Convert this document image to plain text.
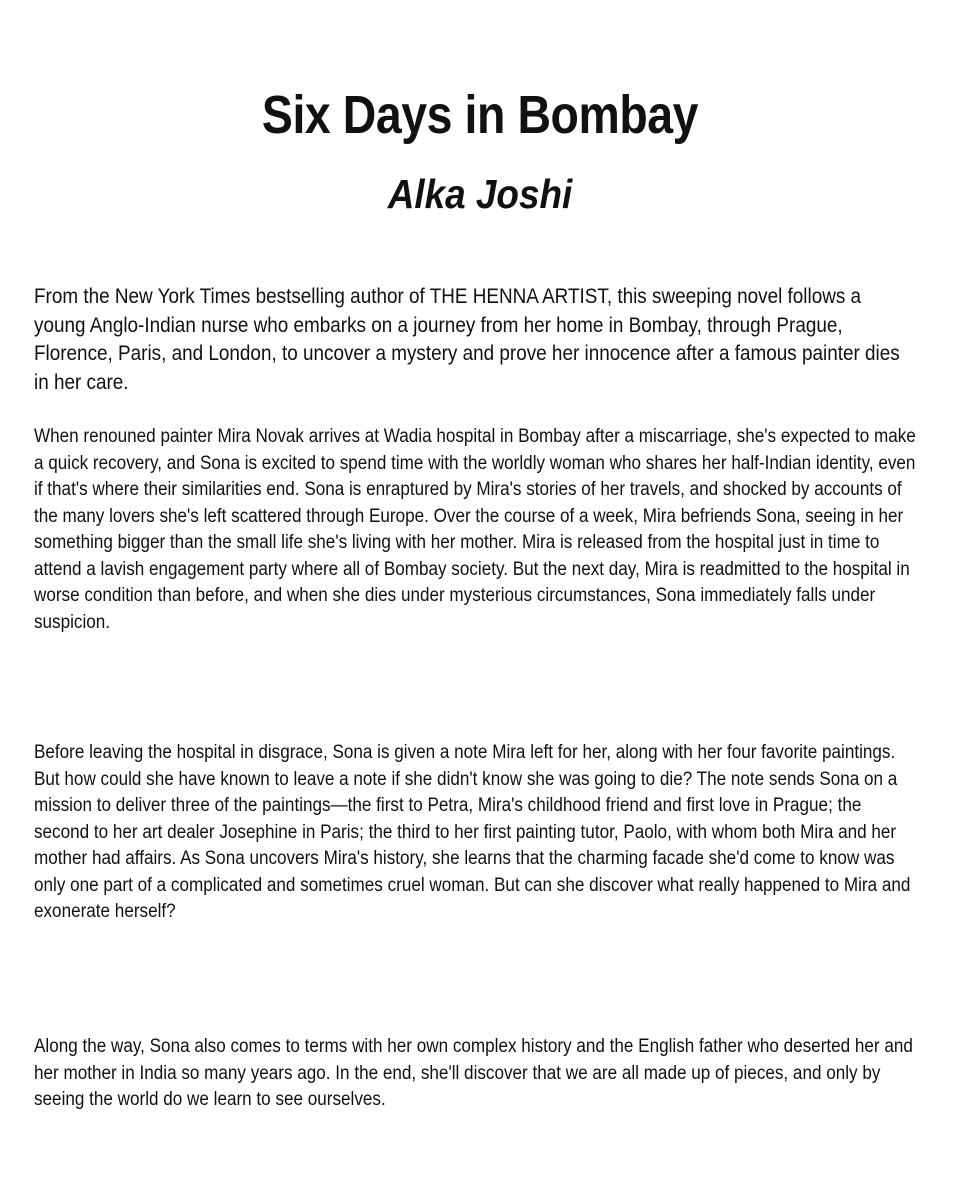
Six Days in Bombay
Alka Joshi

From the New York Times bestselling author of THE HENNA ARTIST, this sweeping novel follows a young Anglo-Indian nurse who embarks on a journey from her home in Bombay, through Prague, Florence, Paris, and London, to uncover a mystery and prove her innocence after a famous painter dies in her care.

When renouned painter Mira Novak arrives at Wadia hospital in Bombay after a miscarriage, she's expected to make a quick recovery, and Sona is excited to spend time with the worldly woman who shares her half-Indian identity, even if that's where their similarities end. Sona is enraptured by Mira's stories of her travels, and shocked by accounts of the many lovers she's left scattered through Europe. Over the course of a week, Mira befriends Sona, seeing in her something bigger than the small life she's living with her mother. Mira is released from the hospital just in time to attend a lavish engagement party where all of Bombay society. But the next day, Mira is readmitted to the hospital in worse condition than before, and when she dies under mysterious circumstances, Sona immediately falls under suspicion.

Before leaving the hospital in disgrace, Sona is given a note Mira left for her, along with her four favorite paintings. But how could she have known to leave a note if she didn't know she was going to die? The note sends Sona on a mission to deliver three of the paintings—the first to Petra, Mira's childhood friend and first love in Prague; the second to her art dealer Josephine in Paris; the third to her first painting tutor, Paolo, with whom both Mira and her mother had affairs. As Sona uncovers Mira's history, she learns that the charming facade she'd come to know was only one part of a complicated and sometimes cruel woman. But can she discover what really happened to Mira and exonerate herself?

Along the way, Sona also comes to terms with her own complex history and the English father who deserted her and her mother in India so many years ago. In the end, she'll discover that we are all made up of pieces, and only by seeing the world do we learn to see ourselves.
